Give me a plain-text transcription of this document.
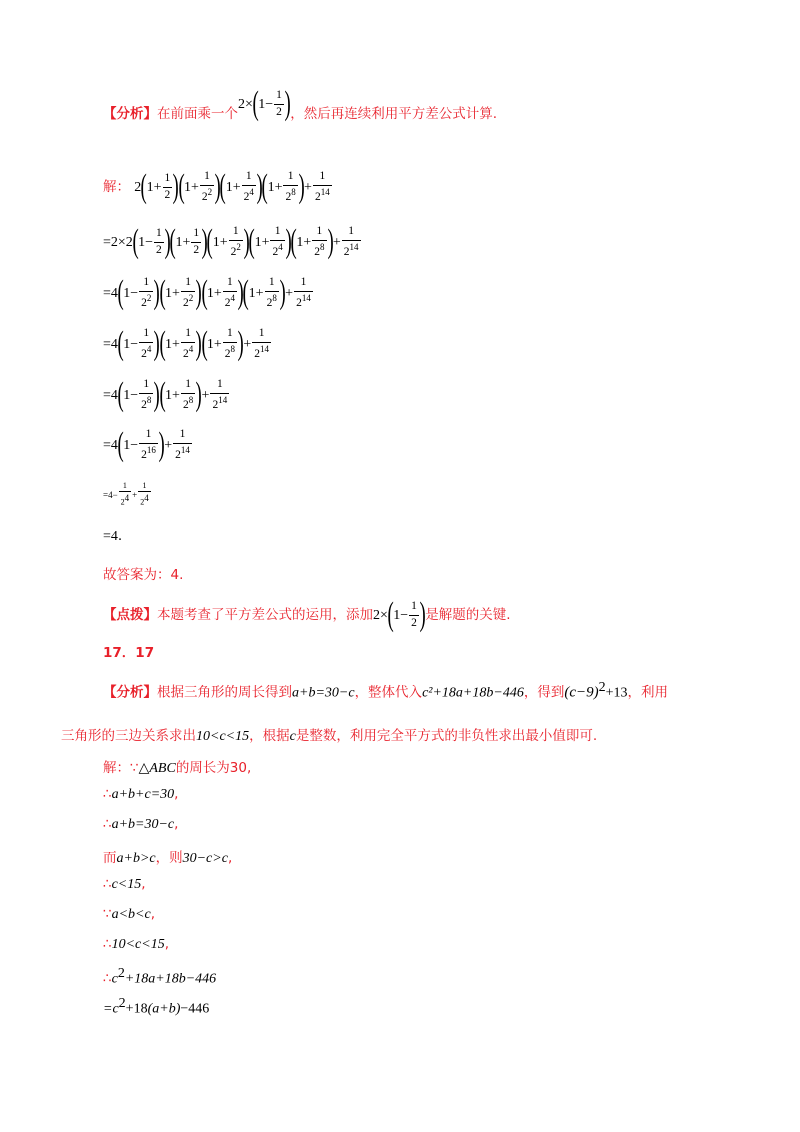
【分析】在前面乘一个$2\times(1- \frac{1}{2}$ )，然后再连续利用平方差公式计算.
解： $2(1+ \frac{1}{2} )(1+ \frac{1}{2^2} )(1+ \frac{1}{2^4} )(1+ \frac{1}{2^8}$ )+ $\frac{1}{2^{14}}$
$=2\times 2(1- \frac{1}{2} )(1+ \frac{1}{2} )(1+ \frac{1}{2^2} )(1+ \frac{1}{2^4} )(1+ \frac{1}{2^8}$ )+ $\frac{1}{2^{14}}$
$=4(1- \frac{1}{2^2} )(1+ \frac{1}{2^2} )(1+ \frac{1}{2^4} )(1+ \frac{1}{2^8}$ )+ $\frac{1}{2^{14}}$
$=4(1- \frac{1}{2^4} )(1+ \frac{1}{2^4} )(1+ \frac{1}{2^8}$ )+ $\frac{1}{2^{14}}$
$=4(1- \frac{1}{2^8} )(1+ \frac{1}{2^8}$ )+ $\frac{1}{2^{14}}$
$=4(1- \frac{1}{2^{16}}$ )+ $\frac{1}{2^{14}}$
$=4- \frac{1}{2^4} + \frac{1}{2^4}$
=4.
故答案为：4.
【点拨】本题考查了平方差公式的运用，添加$2\times(1- \frac{1}{2}$ )是解题的关键.
17．17
【分析】根据三角形的周长得到a+b=30−c，整体代入c²+18a+18b−446，得到$(c-9)^2+13$，利用
三角形的三边关系求出10<c<15，根据c是整数，利用完全平方式的非负性求出最小值即可.
解：∵△ABC的周长为30,
∴a+b+c=30,
∴a+b=30−c,
而a+b>c，则30−c>c,
∴c<15,
∵a<b<c,
∴10<c<15,
$\therefore c^2+18a+18b-446$
$=c^2+18(a+b)-446$
